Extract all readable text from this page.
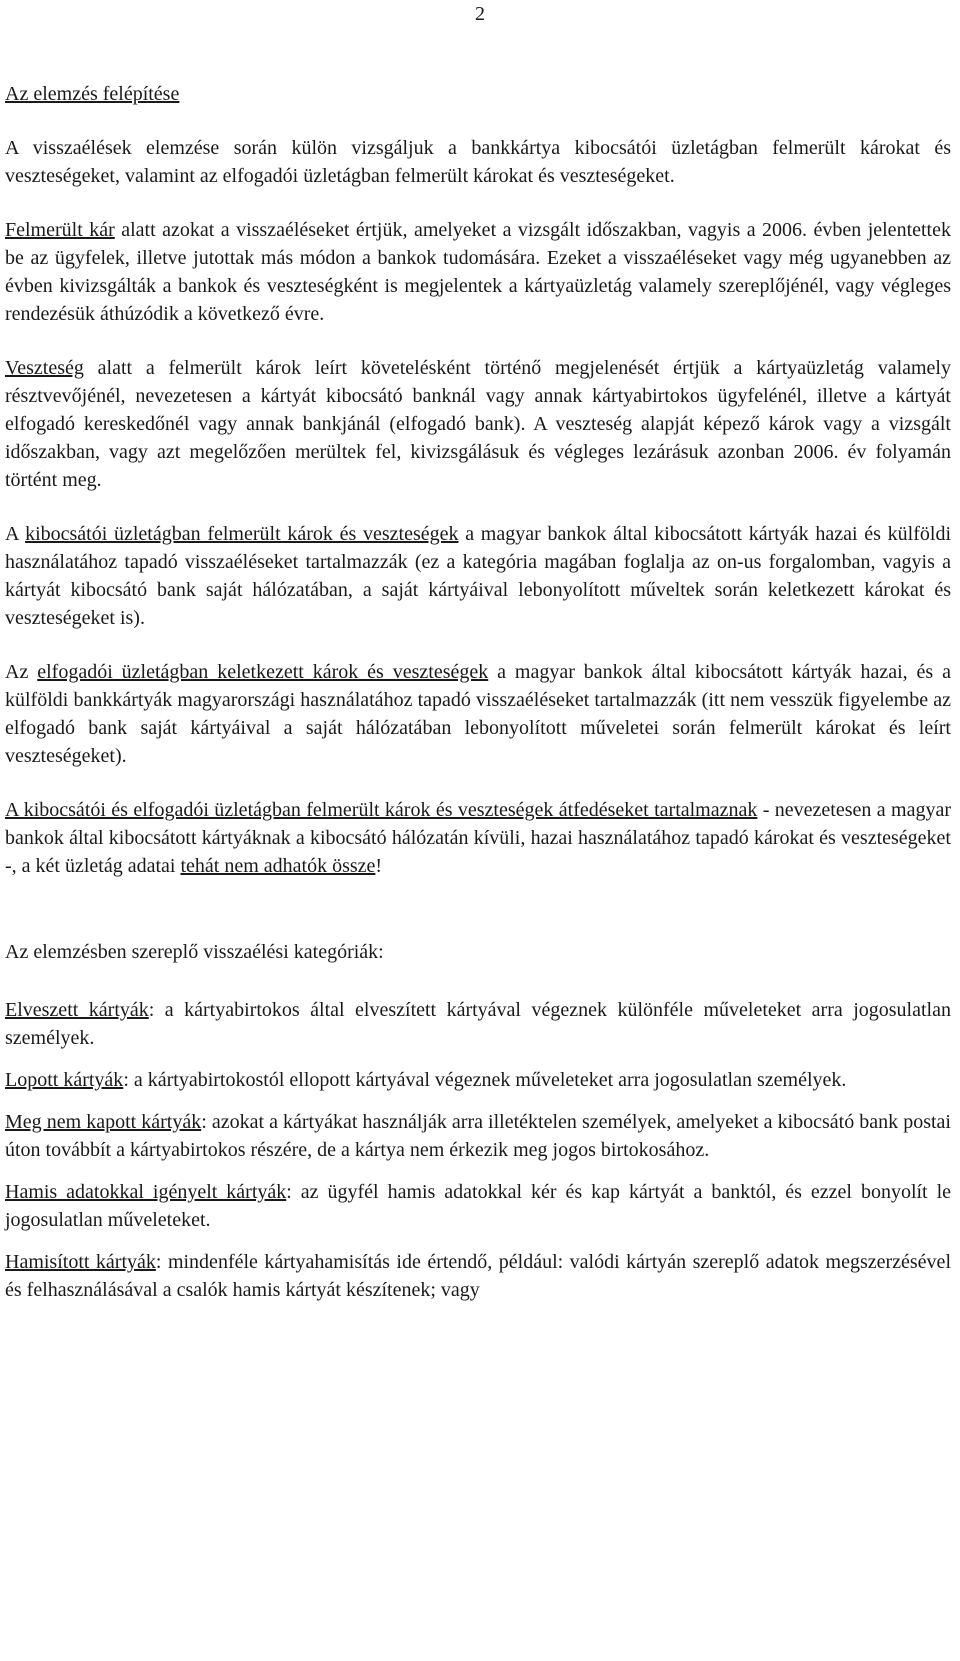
2
Az elemzés felépítése

A visszaélések elemzése során külön vizsgáljuk a bankkártya kibocsátói üzletágban felmerült károkat és veszteségeket, valamint az elfogadói üzletágban felmerült károkat és veszteségeket.

Felmerült kár alatt azokat a visszaéléseket értjük, amelyeket a vizsgált időszakban, vagyis a 2006. évben jelentettek be az ügyfelek, illetve jutottak más módon a bankok tudomására. Ezeket a visszaéléseket vagy még ugyanebben az évben kivizsgálták a bankok és veszteségként is megjelentek a kártyaüzletág valamely szereplőjénél, vagy végleges rendezésük áthúzódik a következő évre.

Veszteség alatt a felmerült károk leírt követelésként történő megjelenését értjük a kártyaüzletág valamely résztvevőjénél, nevezetesen a kártyát kibocsátó banknál vagy annak kártyabirtokos ügyfelénél, illetve a kártyát elfogadó kereskedőnél vagy annak bankjánál (elfogadó bank). A veszteség alapját képező károk vagy a vizsgált időszakban, vagy azt megelőzően merültek fel, kivizsgálásuk és végleges lezárásuk azonban 2006. év folyamán történt meg.

A kibocsátói üzletágban felmerült károk és veszteségek a magyar bankok által kibocsátott kártyák hazai és külföldi használatához tapadó visszaéléseket tartalmazzák (ez a kategória magában foglalja az on-us forgalomban, vagyis a kártyát kibocsátó bank saját hálózatában, a saját kártyáival lebonyolított műveltek során keletkezett károkat és veszteségeket is).

Az elfogadói üzletágban keletkezett károk és veszteségek a magyar bankok által kibocsátott kártyák hazai, és a külföldi bankkártyák magyarországi használatához tapadó visszaéléseket tartalmazzák (itt nem vesszük figyelembe az elfogadó bank saját kártyáival a saját hálózatában lebonyolított műveletei során felmerült károkat és leírt veszteségeket).

A kibocsátói és elfogadói üzletágban felmerült károk és veszteségek átfedéseket tartalmaznak - nevezetesen a magyar bankok által kibocsátott kártyáknak a kibocsátó hálózatán kívüli, hazai használatához tapadó károkat és veszteségeket -, a két üzletág adatai tehát nem adhatók össze!

Az elemzésben szereplő visszaélési kategóriák:

Elveszett kártyák: a kártyabirtokos által elveszített kártyával végeznek különféle műveleteket arra jogosulatlan személyek.

Lopott kártyák: a kártyabirtokostól ellopott kártyával végeznek műveleteket arra jogosulatlan személyek.

Meg nem kapott kártyák: azokat a kártyákat használják arra illetéktelen személyek, amelyeket a kibocsátó bank postai úton továbbít a kártyabirtokos részére, de a kártya nem érkezik meg jogos birtokosához.

Hamis adatokkal igényelt kártyák: az ügyfél hamis adatokkal kér és kap kártyát a banktól, és ezzel bonyolít le jogosulatlan műveleteket.

Hamisított kártyák: mindenféle kártyahamisítás ide értendő, például: valódi kártyán szereplő adatok megszerzésével és felhasználásával a csalók hamis kártyát készítenek; vagy
